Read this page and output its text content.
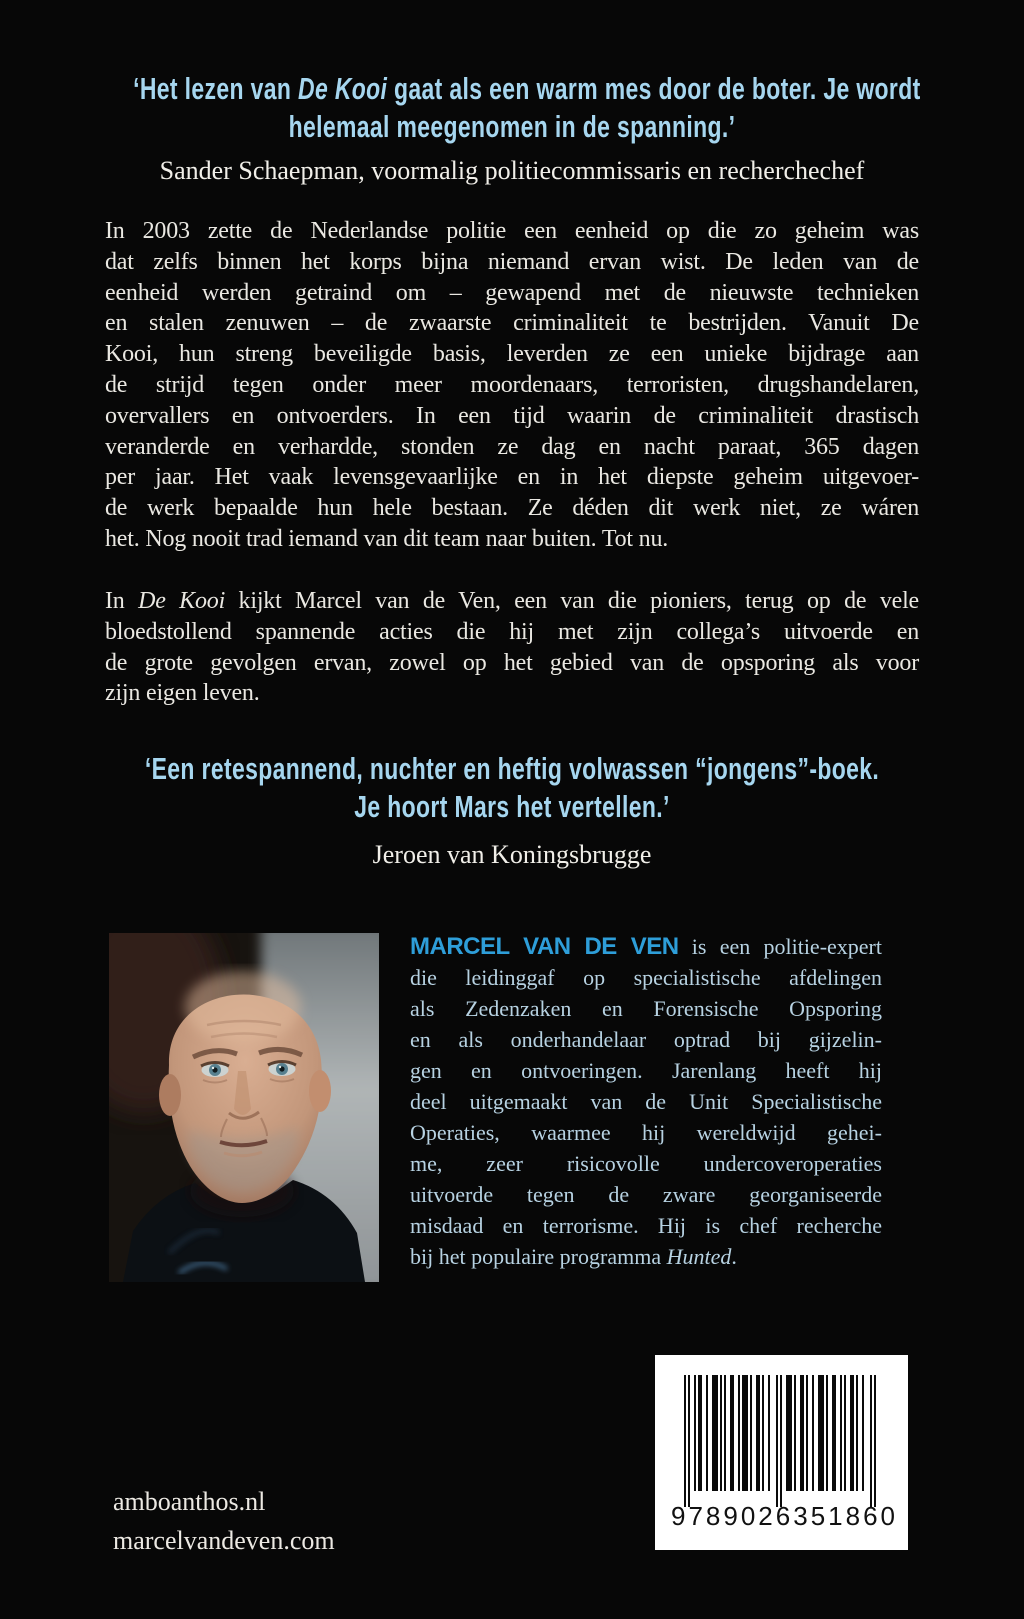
‘Het lezen van De Kooi gaat als een warm mes door de boter. Je wordt
helemaal meegenomen in de spanning.’
Sander Schaepman, voormalig politiecommissaris en recherchechef
In 2003 zette de Nederlandse politie een eenheid op die zo geheim was
dat zelfs binnen het korps bijna niemand ervan wist. De leden van de
eenheid werden getraind om – gewapend met de nieuwste technieken
en stalen zenuwen – de zwaarste criminaliteit te bestrijden. Vanuit De
Kooi, hun streng beveiligde basis, leverden ze een unieke bijdrage aan
de strijd tegen onder meer moordenaars, terroristen, drugshandelaren,
overvallers en ontvoerders. In een tijd waarin de criminaliteit drastisch
veranderde en verhardde, stonden ze dag en nacht paraat, 365 dagen
per jaar. Het vaak levensgevaarlijke en in het diepste geheim uitgevoer-
de werk bepaalde hun hele bestaan. Ze déden dit werk niet, ze wáren
het. Nog nooit trad iemand van dit team naar buiten. Tot nu.
In De Kooi kijkt Marcel van de Ven, een van die pioniers, terug op de vele
bloedstollend spannende acties die hij met zijn collega’s uitvoerde en
de grote gevolgen ervan, zowel op het gebied van de opsporing als voor
zijn eigen leven.
‘Een retespannend, nuchter en heftig volwassen “jongens”-boek.
Je hoort Mars het vertellen.’
Jeroen van Koningsbrugge
MARCEL VAN DE VEN is een politie-expert
die leidinggaf op specialistische afdelingen
als Zedenzaken en Forensische Opsporing
en als onderhandelaar optrad bij gijzelin-
gen en ontvoeringen. Jarenlang heeft hij
deel uitgemaakt van de Unit Specialistische
Operaties, waarmee hij wereldwijd gehei-
me, zeer risicovolle undercoveroperaties
uitvoerde tegen de zware georganiseerde
misdaad en terrorisme. Hij is chef recherche
bij het populaire programma Hunted.
amboanthos.nl
marcelvandeven.com
9 789026 351860
